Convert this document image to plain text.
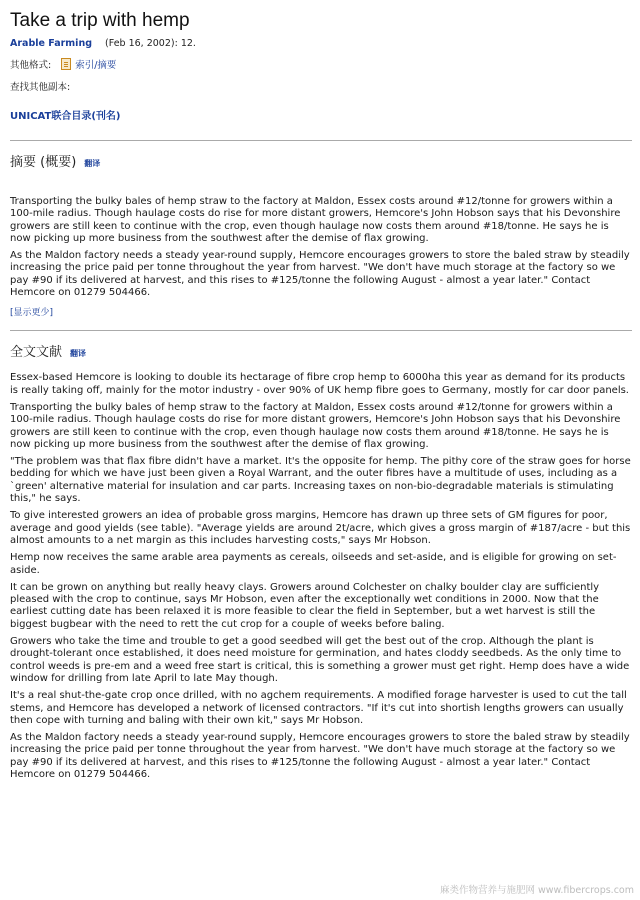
Take a trip with hemp
Arable Farming (Feb 16, 2002): 12.
其他格式:	索引/摘要
查找其他副本:
UNICAT联合目录(刊名)
摘要 (概要) 翻译

Transporting the bulky bales of hemp straw to the factory at Maldon, Essex costs around #12/tonne for growers within a 100-mile radius. Though haulage costs do rise for more distant growers, Hemcore's John Hobson says that his Devonshire growers are still keen to continue with the crop, even though haulage now costs them around #18/tonne. He says he is now picking up more business from the southwest after the demise of flax growing.

As the Maldon factory needs a steady year-round supply, Hemcore encourages growers to store the baled straw by steadily increasing the price paid per tonne throughout the year from harvest. "We don't have much storage at the factory so we pay #90 if its delivered at harvest, and this rises to #125/tonne the following August - almost a year later." Contact Hemcore on 01279 504466.

[显示更少]
全文文献 翻译

Essex-based Hemcore is looking to double its hectarage of fibre crop hemp to 6000ha this year as demand for its products is really taking off, mainly for the motor industry - over 90% of UK hemp fibre goes to Germany, mostly for car door panels.

Transporting the bulky bales of hemp straw to the factory at Maldon, Essex costs around #12/tonne for growers within a 100-mile radius. Though haulage costs do rise for more distant growers, Hemcore's John Hobson says that his Devonshire growers are still keen to continue with the crop, even though haulage now costs them around #18/tonne. He says he is now picking up more business from the southwest after the demise of flax growing.

"The problem was that flax fibre didn't have a market. It's the opposite for hemp. The pithy core of the straw goes for horse bedding for which we have just been given a Royal Warrant, and the outer fibres have a multitude of uses, including as a `green' alternative material for insulation and car parts. Increasing taxes on non-bio-degradable materials is stimulating this," he says.

To give interested growers an idea of probable gross margins, Hemcore has drawn up three sets of GM figures for poor, average and good yields (see table). "Average yields are around 2t/acre, which gives a gross margin of #187/acre - but this almost amounts to a net margin as this includes harvesting costs," says Mr Hobson.

Hemp now receives the same arable area payments as cereals, oilseeds and set-aside, and is eligible for growing on set-aside.

It can be grown on anything but really heavy clays. Growers around Colchester on chalky boulder clay are sufficiently pleased with the crop to continue, says Mr Hobson, even after the exceptionally wet conditions in 2000. Now that the earliest cutting date has been relaxed it is more feasible to clear the field in September, but a wet harvest is still the biggest bugbear with the need to rett the cut crop for a couple of weeks before baling.

Growers who take the time and trouble to get a good seedbed will get the best out of the crop. Although the plant is drought-tolerant once established, it does need moisture for germination, and hates cloddy seedbeds. As the only time to control weeds is pre-em and a weed free start is critical, this is something a grower must get right. Hemp does have a wide window for drilling from late April to late May though.

It's a real shut-the-gate crop once drilled, with no agchem requirements. A modified forage harvester is used to cut the tall stems, and Hemcore has developed a network of licensed contractors. "If it's cut into shortish lengths growers can usually then cope with turning and baling with their own kit," says Mr Hobson.

As the Maldon factory needs a steady year-round supply, Hemcore encourages growers to store the baled straw by steadily increasing the price paid per tonne throughout the year from harvest. "We don't have much storage at the factory so we pay #90 if its delivered at harvest, and this rises to #125/tonne the following August - almost a year later." Contact Hemcore on 01279 504466.

麻类作物营养与施肥网 www.fibercrops.com
